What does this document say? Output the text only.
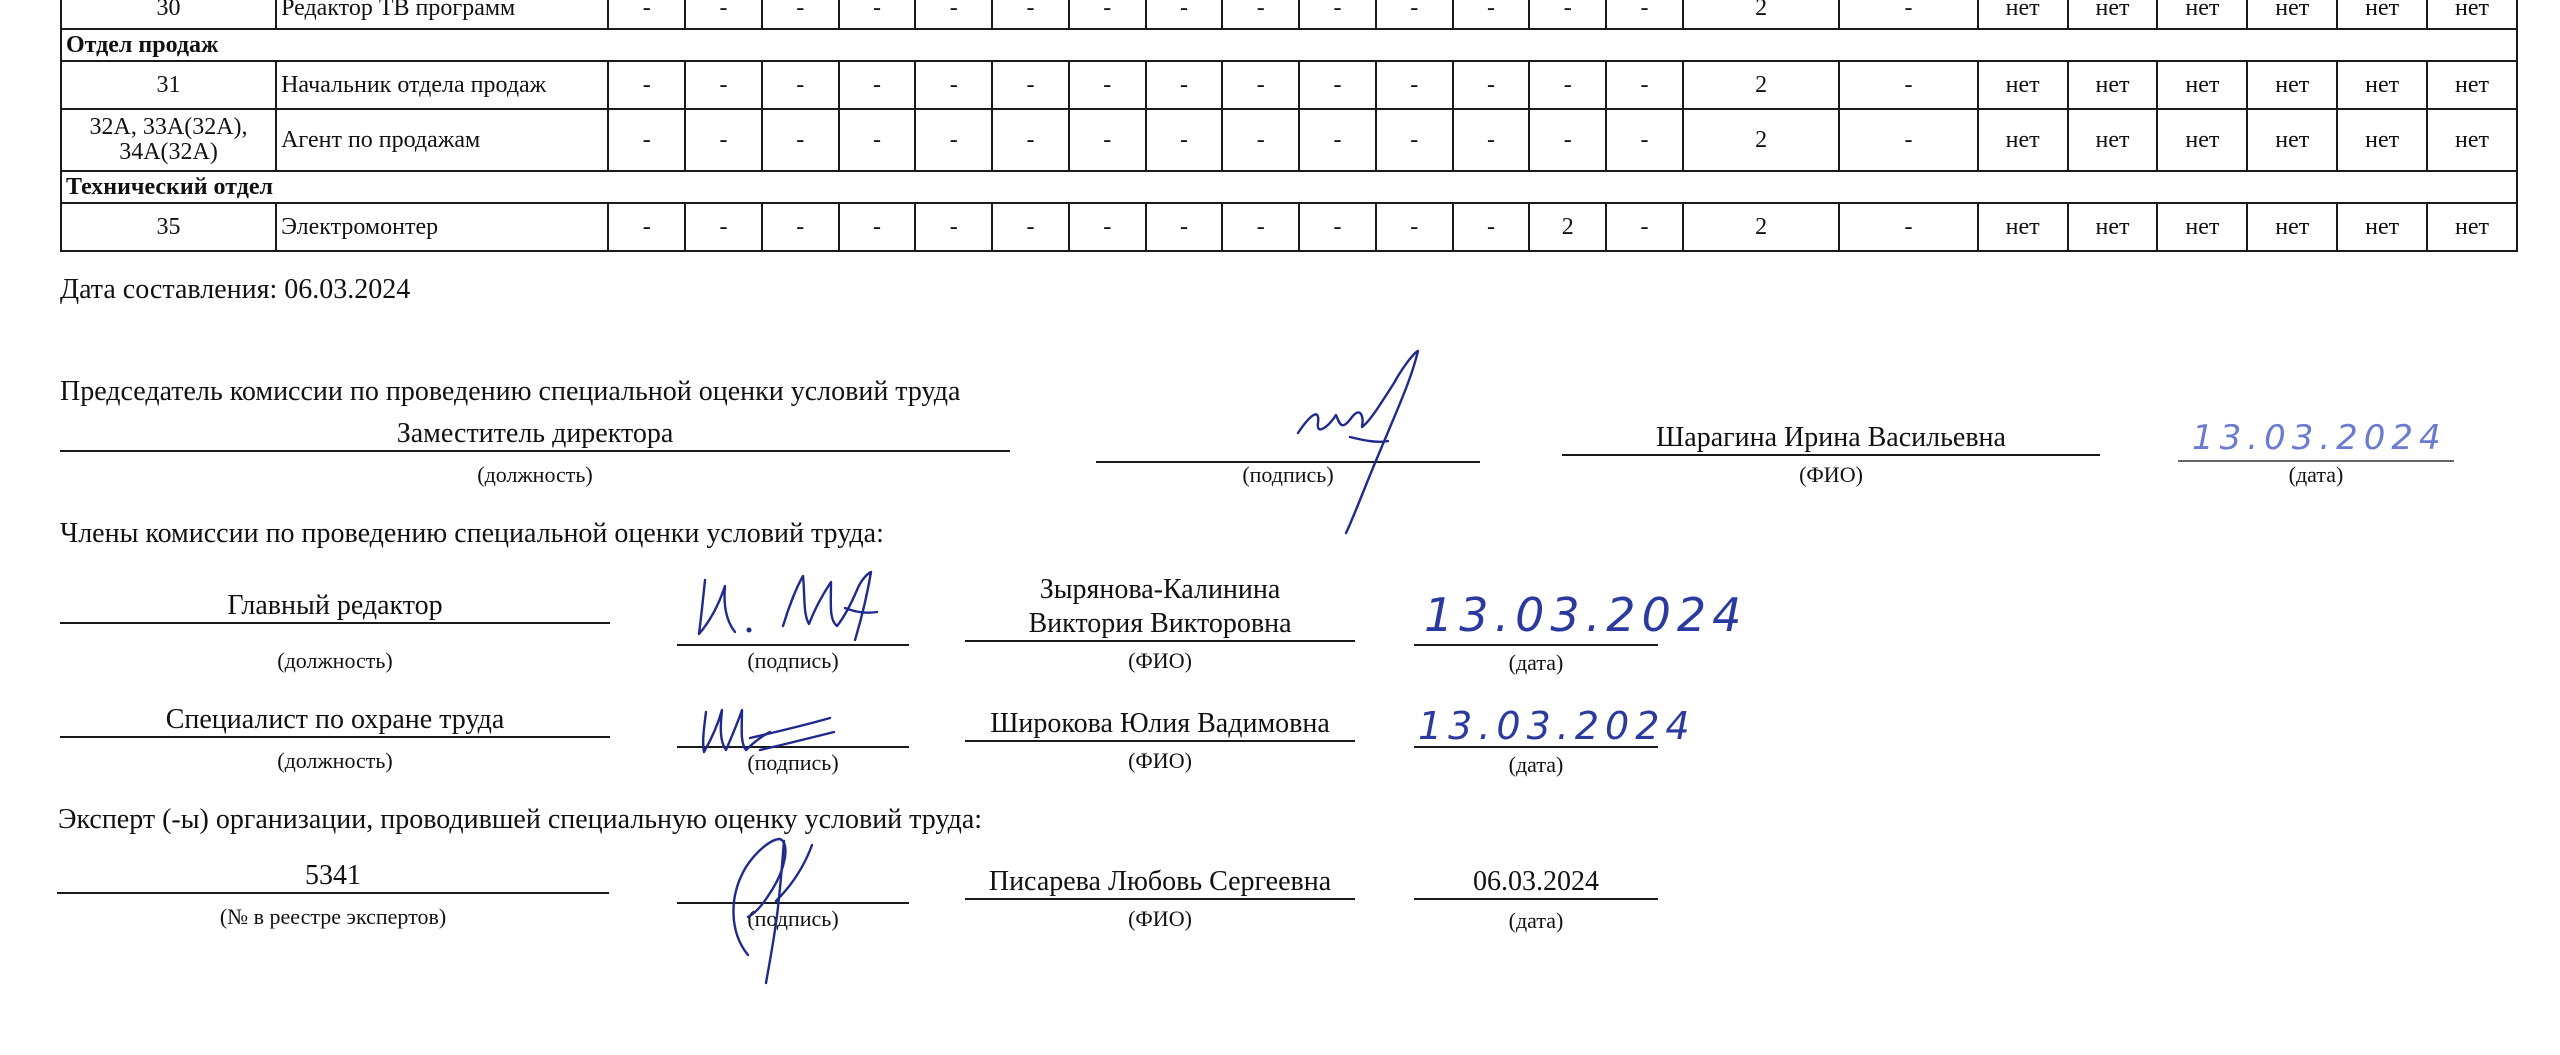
30	Редактор ТВ программ	-	-	-	-	-	-	-	-	-	-	-	-	-	-	2	-	нет	нет	нет	нет	нет	нет
Отдел продаж																							
31	Начальник отдела продаж	-	-	-	-	-	-	-	-	-	-	-	-	-	-	2	-	нет	нет	нет	нет	нет	нет
32А, 33А(32А), 34А(32А)	Агент по продажам	-	-	-	-	-	-	-	-	-	-	-	-	-	-	2	-	нет	нет	нет	нет	нет	нет
Технический отдел																							
35	Электромонтер	-	-	-	-	-	-	-	-	-	-	-	-	2	-	2	-	нет	нет	нет	нет	нет	нет
Дата составления: 06.03.2024
Председатель комиссии по проведению специальной оценки условий труда
Заместитель директора
(должность)	(подпись)
Шарагина Ирина Васильевна
(ФИО)
13.03.2024
(дата)
Члены комиссии по проведению специальной оценки условий труда:
Главный редактор
(должность)	(подпись)
Зырянова-Калинина
Виктория Викторовна
(ФИО)
13.03.2024
(дата)
Специалист по охране труда
(должность)	(подпись)
Широкова Юлия Вадимовна
(ФИО)
13.03.2024
(дата)
Эксперт (-ы) организации, проводившей специальную оценку условий труда:
5341
(№ в реестре экспертов)	(подпись)
Писарева Любовь Сергеевна
(ФИО)
06.03.2024
(дата)
